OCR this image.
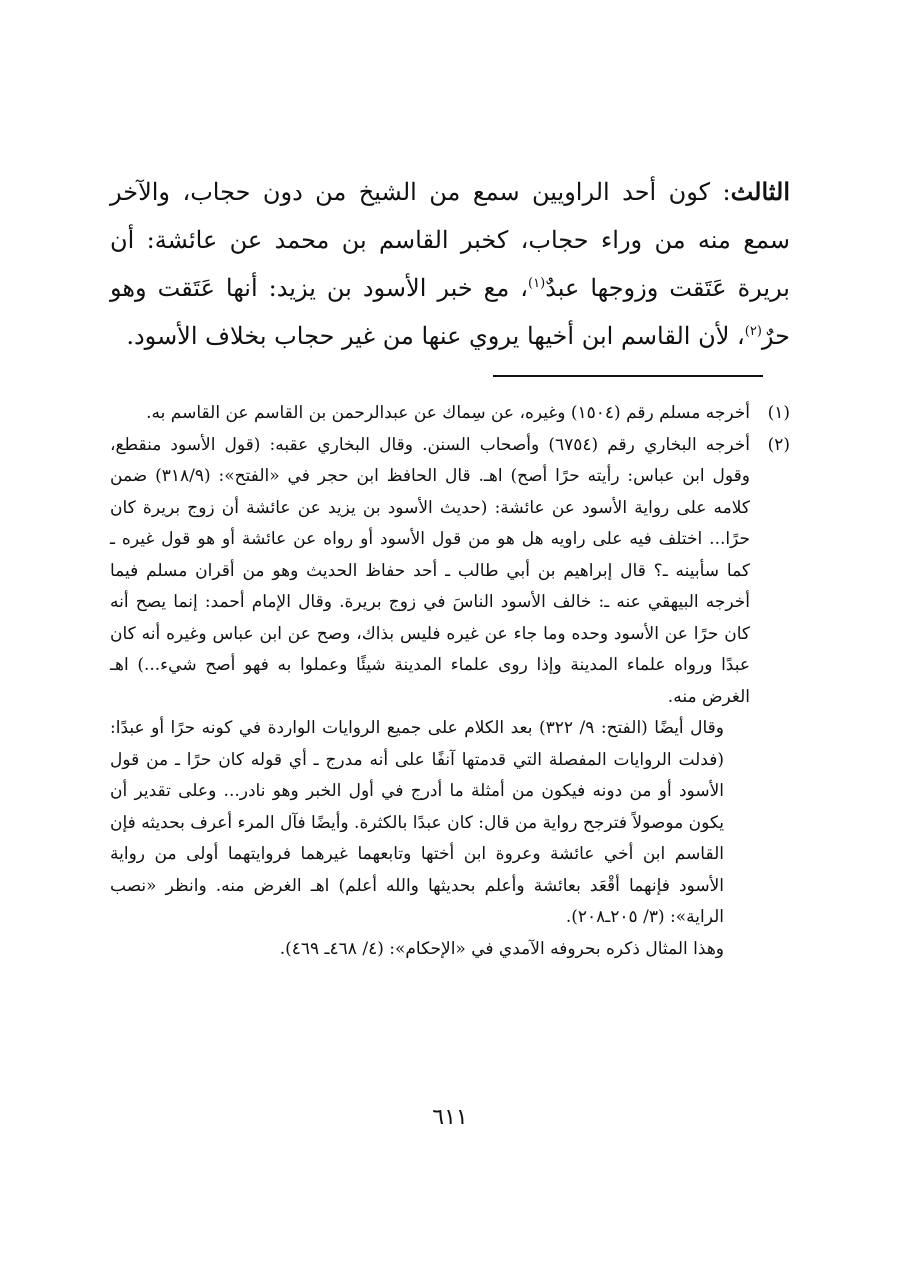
الثالث: كون أحد الراويين سمع من الشيخ من دون حجاب، والآخر سمع منه من وراء حجاب، كخبر القاسم بن محمد عن عائشة: أن بريرة عَتَقت وزوجها عبدٌ$^{(١)}$، مع خبر الأسود بن يزيد: أنها عَتَقت وهو حرٌ$^{(٢)}$، لأن القاسم ابن أخيها يروي عنها من غير حجاب بخلاف الأسود.
(١)
أخرجه مسلم رقم (١٥٠٤) وغيره، عن سِماك عن عبدالرحمن بن القاسم عن القاسم به.
(٢)
أخرجه البخاري رقم (٦٧٥٤) وأصحاب السنن. وقال البخاري عقبه: (قول الأسود منقطع، وقول ابن عباس: رأيته حرًا أصح) اهـ. قال الحافظ ابن حجر في «الفتح»: (٣١٨/٩) ضمن كلامه على رواية الأسود عن عائشة: (حديث الأسود بن يزيد عن عائشة أن زوج بريرة كان حرًا... اختلف فيه على راويه هل هو من قول الأسود أو رواه عن عائشة أو هو قول غيره ـ كما سأبينه ـ؟ قال إبراهيم بن أبي طالب ـ أحد حفاظ الحديث وهو من أقران مسلم فيما أخرجه البيهقي عنه ـ: خالف الأسود الناسَ في زوج بريرة. وقال الإمام أحمد: إنما يصح أنه كان حرًا عن الأسود وحده وما جاء عن غيره فليس بذاك، وصح عن ابن عباس وغيره أنه كان عبدًا ورواه علماء المدينة وإذا روى علماء المدينة شيئًا وعملوا به فهو أصح شيء...) اهـ الغرض منه.

وقال أيضًا (الفتح: ٩/ ٣٢٢) بعد الكلام على جميع الروايات الواردة في كونه حرًا أو عبدًا: (فدلت الروايات المفصلة التي قدمتها آنفًا على أنه مدرج ـ أي قوله كان حرًا ـ من قول الأسود أو من دونه فيكون من أمثلة ما أدرج في أول الخبر وهو نادر... وعلى تقدير أن يكون موصولاً فترجح رواية من قال: كان عبدًا بالكثرة. وأيضًا فآل المرء أعرف بحديثه فإن القاسم ابن أخي عائشة وعروة ابن أختها وتابعهما غيرهما فروايتهما أولى من رواية الأسود فإنهما أقْعَد بعائشة وأعلم بحديثها والله أعلم) اهـ الغرض منه. وانظر «نصب الراية»: (٣/ ٢٠٥ـ٢٠٨).

وهذا المثال ذكره بحروفه الآمدي في «الإحكام»: (٤/ ٤٦٨ـ ٤٦٩).

٦١١
